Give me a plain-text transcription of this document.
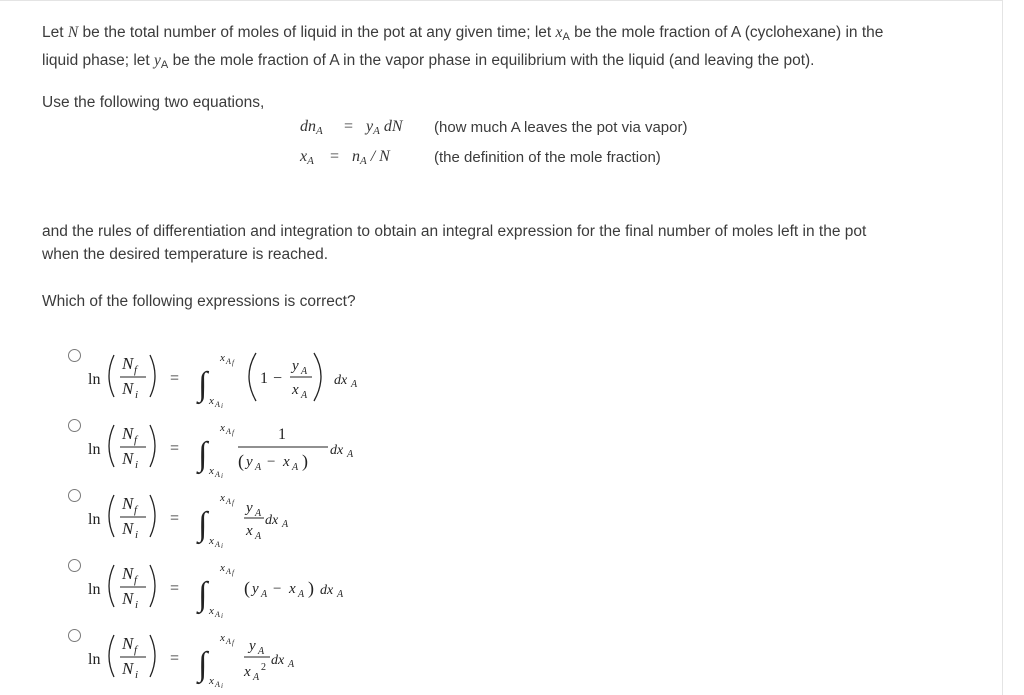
Let N be the total number of moles of liquid in the pot at any given time; let $x_A$ be the mole fraction of A (cyclohexane) in the
liquid phase; let $y_A$ be the mole fraction of A in the vapor phase in equilibrium with the liquid (and leaving the pot).
Use the following two equations,
$dn_A = y_A$ dN (how much A leaves the pot via vapor)
$x_A = n_A / N$	(the definition of the mole fraction)
and the rules of differentiation and integration to obtain an integral expression for the final number of moles left in the pot
when the desired temperature is reached.
Which of the following expressions is correct?
ln
N f
N i
= ∫
x A f
x A i
1 −
y A
x A
dx A
ln
N f
N i
= ∫
x A f
x A i
1
( y A − x A )
dx A
ln
N f
N i
= ∫
x A f
x A i
y A
x A
dx A
ln
N f
N i
= ∫
x A f
x A i
( y A − x A ) dx A
ln
N f
N i
= ∫
x A f
x A i
y A
x A
2 dx A
